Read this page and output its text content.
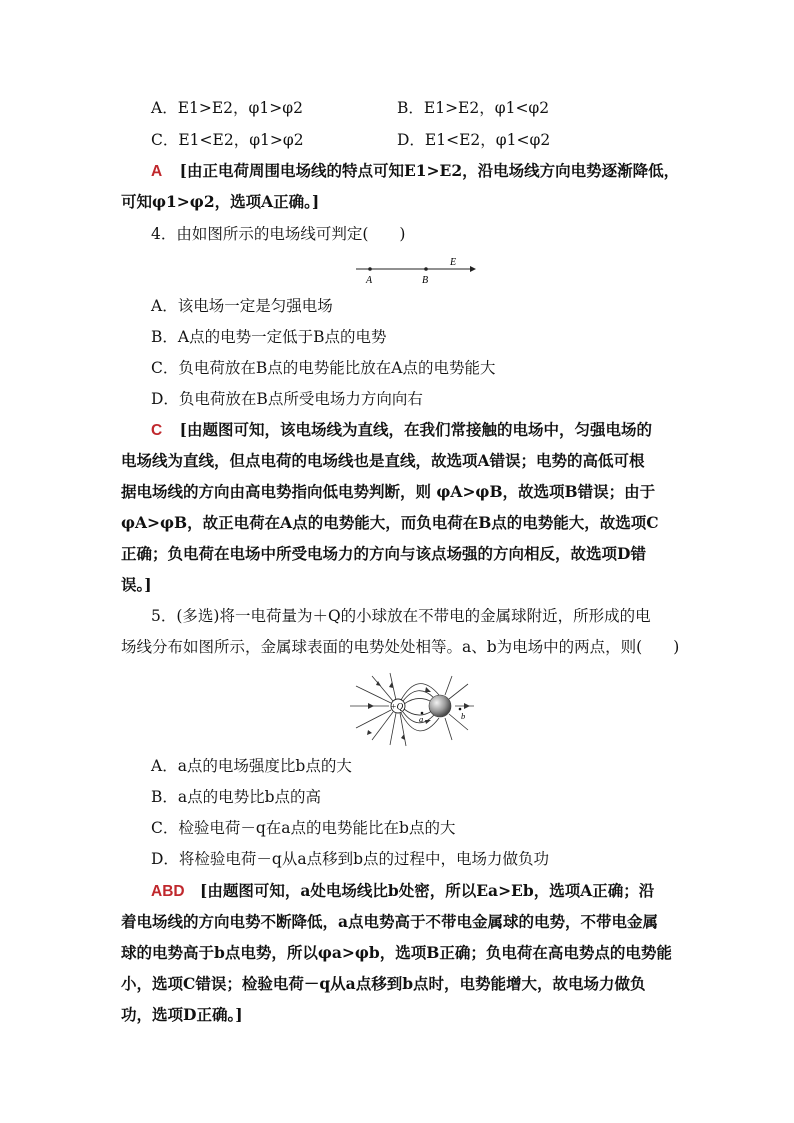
A．E1>E2，φ1>φ2	B．E1>E2，φ1<φ2
C．E1<E2，φ1>φ2	D．E1<E2，φ1<φ2
A [由正电荷周围电场线的特点可知E1>E2，沿电场线方向电势逐渐降低，
可知φ1>φ2，选项A正确。]
4．由如图所示的电场线可判定(　　)
A	B
E
A．该电场一定是匀强电场
B．A点的电势一定低于B点的电势
C．负电荷放在B点的电势能比放在A点的电势能大
D．负电荷放在B点所受电场力方向向右
C [由题图可知，该电场线为直线，在我们常接触的电场中，匀强电场的
电场线为直线，但点电荷的电场线也是直线，故选项A错误；电势的高低可根
据电场线的方向由高电势指向低电势判断，则 φA>φB，故选项B错误；由于
φA>φB，故正电荷在A点的电势能大，而负电荷在B点的电势能大，故选项C
正确；负电荷在电场中所受电场力的方向与该点场强的方向相反，故选项D错
误。]
5．(多选)将一电荷量为＋Q的小球放在不带电的金属球附近，所形成的电
场线分布如图所示，金属球表面的电势处处相等。a、b为电场中的两点，则(　　)
+Q
a	b
A．a点的电场强度比b点的大
B．a点的电势比b点的高
C．检验电荷－q在a点的电势能比在b点的大
D．将检验电荷－q从a点移到b点的过程中，电场力做负功
ABD [由题图可知，a处电场线比b处密，所以Ea>Eb，选项A正确；沿
着电场线的方向电势不断降低，a点电势高于不带电金属球的电势，不带电金属
球的电势高于b点电势，所以φa>φb，选项B正确；负电荷在高电势点的电势能
小，选项C错误；检验电荷－q从a点移到b点时，电势能增大，故电场力做负
功，选项D正确。]
